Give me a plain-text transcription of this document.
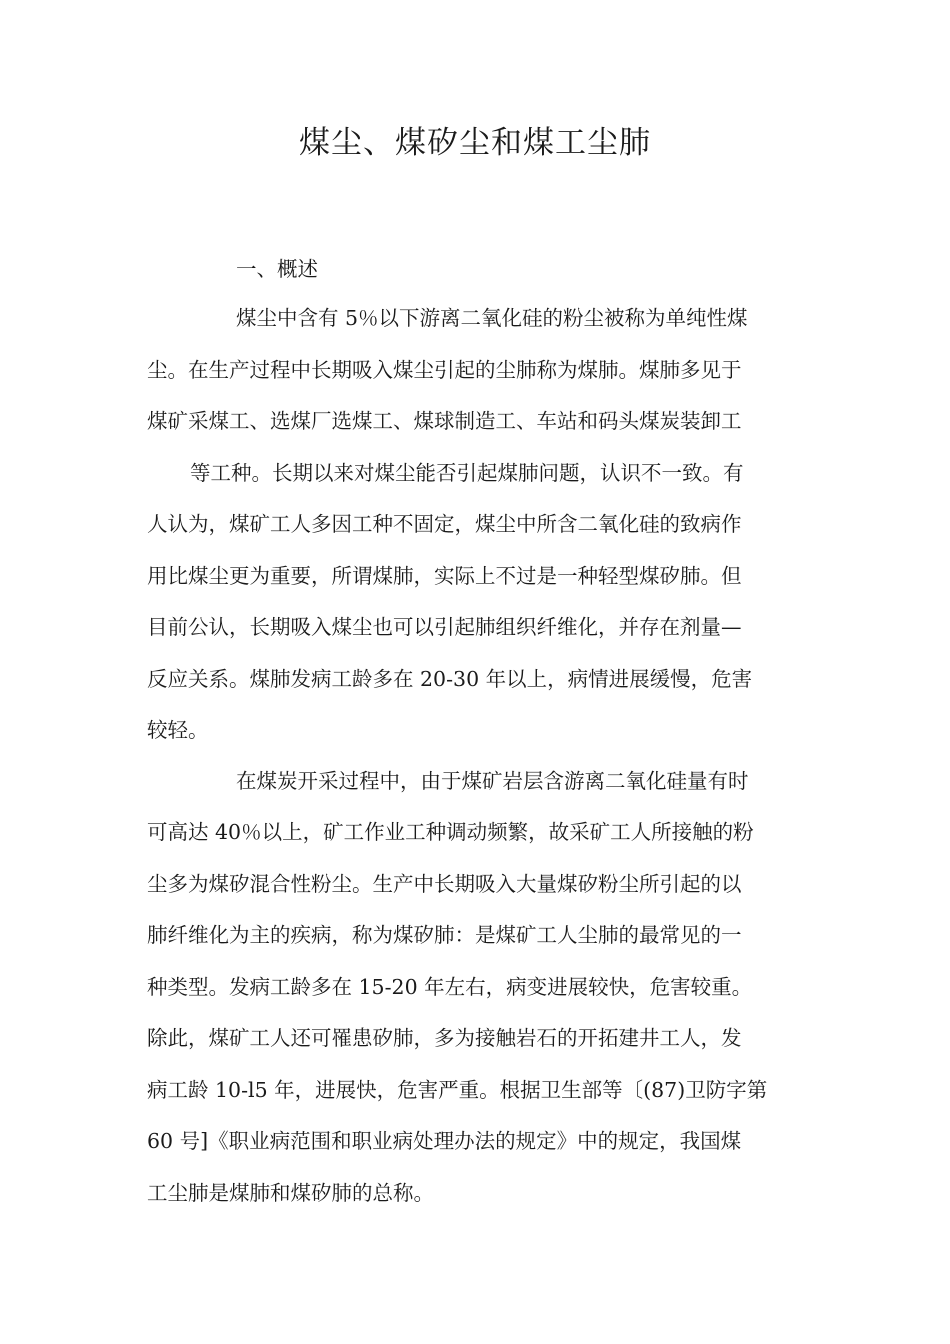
煤尘、煤矽尘和煤工尘肺
一、概述
煤尘中含有 5％以下游离二氧化硅的粉尘被称为单纯性煤
尘。在生产过程中长期吸入煤尘引起的尘肺称为煤肺。煤肺多见于
煤矿采煤工、选煤厂选煤工、煤球制造工、车站和码头煤炭装卸工
等工种。长期以来对煤尘能否引起煤肺问题，认识不一致。有
人认为，煤矿工人多因工种不固定，煤尘中所含二氧化硅的致病作
用比煤尘更为重要，所谓煤肺，实际上不过是一种轻型煤矽肺。但
目前公认，长期吸入煤尘也可以引起肺组织纤维化，并存在剂量—
反应关系。煤肺发病工龄多在 20-30 年以上，病情进展缓慢，危害
较轻。
在煤炭开采过程中，由于煤矿岩层含游离二氧化硅量有时
可高达 40％以上，矿工作业工种调动频繁，故采矿工人所接触的粉
尘多为煤矽混合性粉尘。生产中长期吸入大量煤矽粉尘所引起的以
肺纤维化为主的疾病，称为煤矽肺：是煤矿工人尘肺的最常见的一
种类型。发病工龄多在 15-20 年左右，病变进展较快，危害较重。
除此，煤矿工人还可罹患矽肺，多为接触岩石的开拓建井工人，发
病工龄 10-l5 年，进展快，危害严重。根据卫生部等〔(87)卫防字第
60 号]《职业病范围和职业病处理办法的规定》中的规定，我国煤
工尘肺是煤肺和煤矽肺的总称。
